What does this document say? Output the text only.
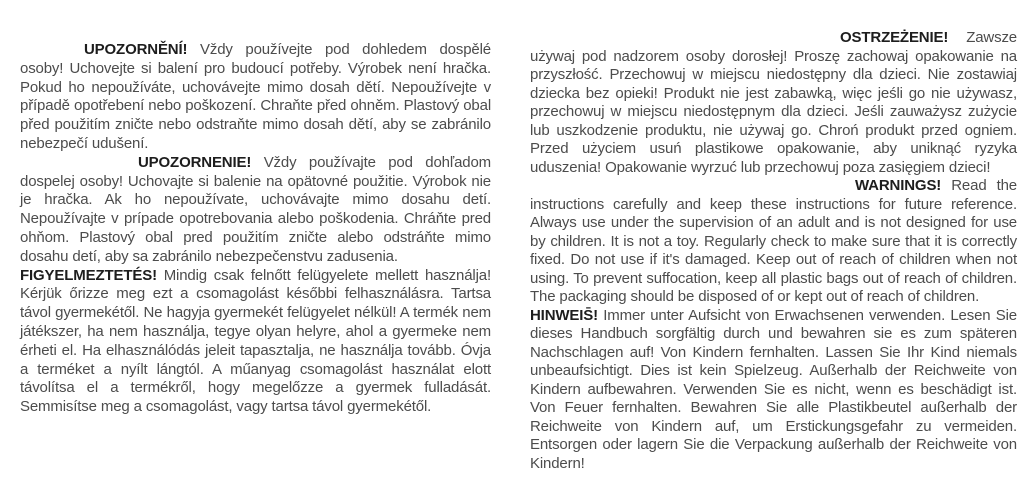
UPOZORNĚNÍ! Vždy používejte pod dohledem dospělé osoby! Uchovejte si balení pro budoucí potřeby. Výrobek není hračka. Pokud ho nepoužíváte, uchovávejte mimo dosah dětí. Nepoužívejte v případě opotřebení nebo poškození. Chraňte před ohněm. Plastový obal před použitím zničte nebo odstraňte mimo dosah dětí, aby se zabránilo nebezpečí udušení.

UPOZORNENIE! Vždy používajte pod dohľadom dospelej osoby! Uchovajte si balenie na opätovné použitie. Výrobok nie je hračka. Ak ho nepoužívate, uchovávajte mimo dosahu detí. Nepoužívajte v prípade opotrebovania alebo poškodenia. Chráňte pred ohňom. Plastový obal pred použitím zničte alebo odstráňte mimo dosahu detí, aby sa zabránilo nebezpečenstvu zadusenia.

FIGYELMEZTETÉS! Mindig csak felnőtt felügyelete mellett használja! Kérjük őrizze meg ezt a csomagolást későbbi felhasználásra. Tartsa távol gyermekétől. Ne hagyja gyermekét felügyelet nélkül! A termék nem játékszer, ha nem használja, tegye olyan helyre, ahol a gyermeke nem érheti el. Ha elhasználódás jeleit tapasztalja, ne használja tovább. Óvja a terméket a nyílt lángtól. A műanyag csomagolást használat elott távolítsa el a termékről, hogy megelőzze a gyermek fulladását. Semmisítse meg a csomagolást, vagy tartsa távol gyermekétől.

OSTRZEŻENIE! Zawsze używaj pod nadzorem osoby dorosłej! Proszę zachowaj opakowanie na przyszłość. Przechowuj w miejscu niedostępny dla dzieci. Nie zostawiaj dziecka bez opieki! Produkt nie jest zabawką, więc jeśli go nie używasz, przechowuj w miejscu niedostępnym dla dzieci. Jeśli zauważysz zużycie lub uszkodzenie produktu, nie używaj go. Chroń produkt przed ogniem. Przed użyciem usuń plastikowe opakowanie, aby uniknąć ryzyka uduszenia! Opakowanie wyrzuć lub przechowuj poza zasięgiem dzieci!

WARNINGS! Read the instructions carefully and keep these instructions for future reference. Always use under the supervision of an adult and is not designed for use by children. It is not a toy. Regularly check to make sure that it is correctly fixed. Do not use if it's damaged. Keep out of reach of children when not using. To prevent suffocation, keep all plastic bags out of reach of children. The packaging should be disposed of or kept out of reach of children.

HINWEIS̄! Immer unter Aufsicht von Erwachsenen verwenden. Lesen Sie dieses Handbuch sorgfältig durch und bewahren sie es zum späteren Nachschlagen auf! Von Kindern fernhalten. Lassen Sie Ihr Kind niemals unbeaufsichtigt. Dies ist kein Spielzeug. Außerhalb der Reichweite von Kindern aufbewahren. Verwenden Sie es nicht, wenn es beschädigt ist. Von Feuer fernhalten. Bewahren Sie alle Plastikbeutel außerhalb der Reichweite von Kindern auf, um Erstickungsgefahr zu vermeiden. Entsorgen oder lagern Sie die Verpackung außerhalb der Reichweite von Kindern!
